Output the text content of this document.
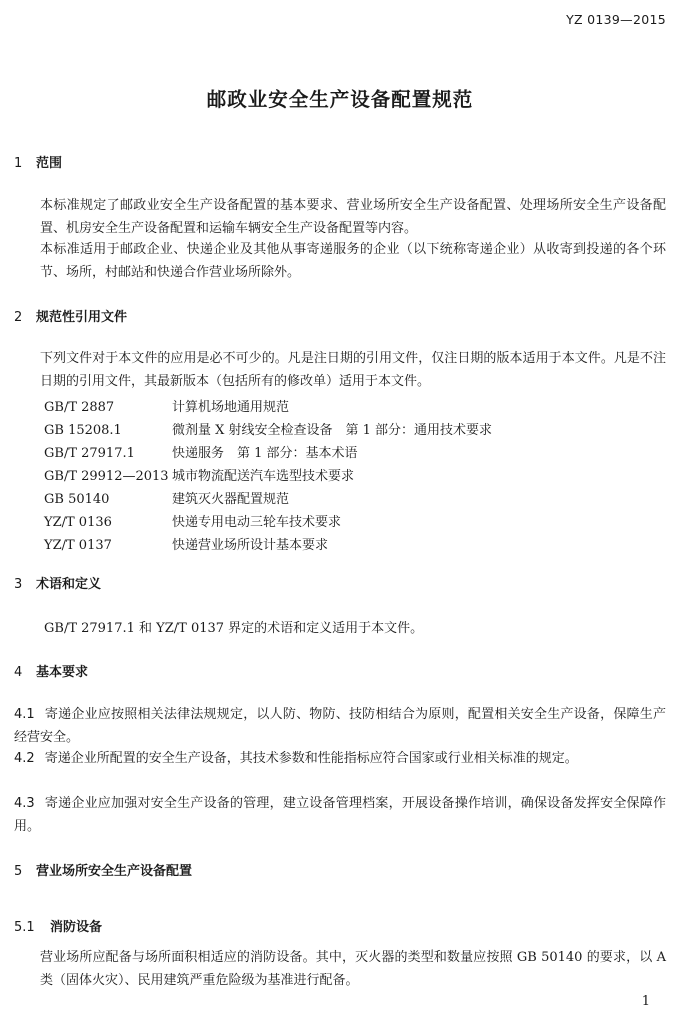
YZ 0139—2015
邮政业安全生产设备配置规范
1 范围
本标准规定了邮政业安全生产设备配置的基本要求、营业场所安全生产设备配置、处理场所安全生产设备配置、机房安全生产设备配置和运输车辆安全生产设备配置等内容。
本标准适用于邮政企业、快递企业及其他从事寄递服务的企业（以下统称寄递企业）从收寄到投递的各个环节、场所，村邮站和快递合作营业场所除外。
2 规范性引用文件
下列文件对于本文件的应用是必不可少的。凡是注日期的引用文件，仅注日期的版本适用于本文件。凡是不注日期的引用文件，其最新版本（包括所有的修改单）适用于本文件。
GB/T 2887	计算机场地通用规范
GB 15208.1	微剂量 X 射线安全检查设备　第 1 部分：通用技术要求
GB/T 27917.1	快递服务　第 1 部分：基本术语
GB/T 29912—2013 城市物流配送汽车选型技术要求
GB 50140	建筑灭火器配置规范
YZ/T 0136	快递专用电动三轮车技术要求
YZ/T 0137	快递营业场所设计基本要求
3 术语和定义
GB/T 27917.1 和 YZ/T 0137 界定的术语和定义适用于本文件。
4 基本要求
4.1 寄递企业应按照相关法律法规规定，以人防、物防、技防相结合为原则，配置相关安全生产设备，保障生产经营安全。
4.2 寄递企业所配置的安全生产设备，其技术参数和性能指标应符合国家或行业相关标准的规定。
4.3 寄递企业应加强对安全生产设备的管理，建立设备管理档案，开展设备操作培训，确保设备发挥安全保障作用。
5 营业场所安全生产设备配置
5.1 消防设备
营业场所应配备与场所面积相适应的消防设备。其中，灭火器的类型和数量应按照 GB 50140 的要求，以 A 类（固体火灾）、民用建筑严重危险级为基准进行配备。
1
